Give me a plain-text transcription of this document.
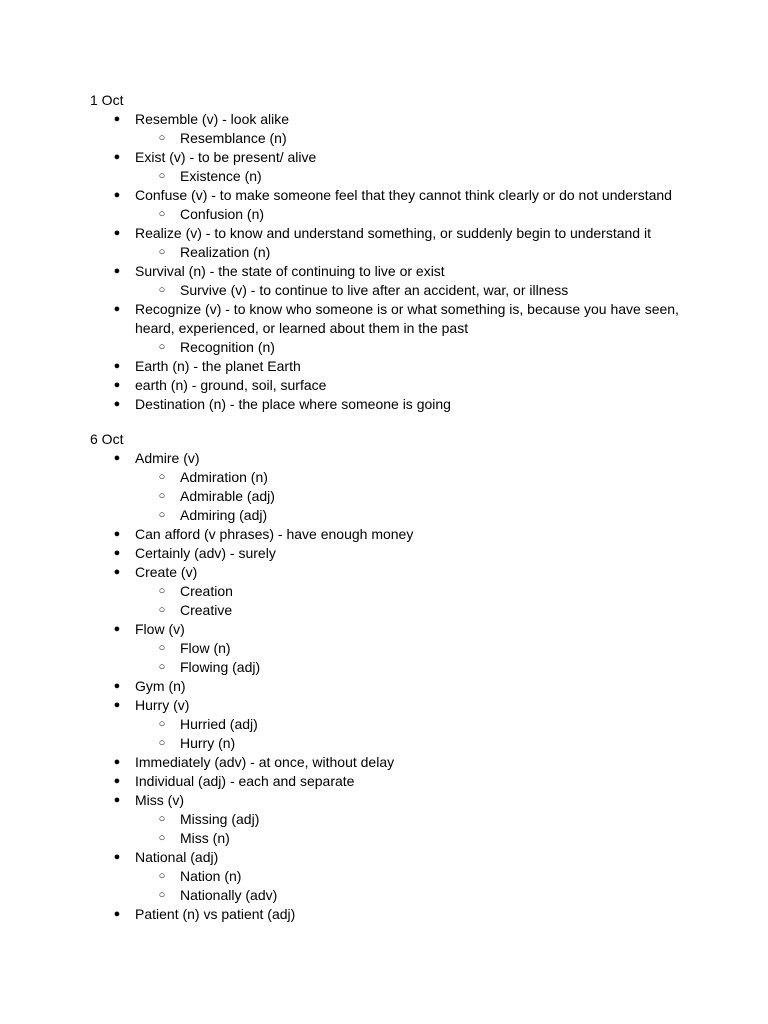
1 Oct
● Resemble (v) - look alike
○ Resemblance (n)
● Exist (v) - to be present/ alive
○ Existence (n)
● Confuse (v) - to make someone feel that they cannot think clearly or do not understand
○ Confusion (n)
● Realize (v) - to know and understand something, or suddenly begin to understand it
○ Realization (n)
● Survival (n) - the state of continuing to live or exist
○ Survive (v) - to continue to live after an accident, war, or illness
● Recognize (v) - to know who someone is or what something is, because you have seen, heard, experienced, or learned about them in the past
○ Recognition (n)
● Earth (n) - the planet Earth
● earth (n) - ground, soil, surface
● Destination (n) - the place where someone is going
6 Oct
● Admire (v)
○ Admiration (n)
○ Admirable (adj)
○ Admiring (adj)
● Can afford (v phrases) - have enough money
● Certainly (adv) - surely
● Create (v)
○ Creation
○ Creative
● Flow (v)
○ Flow (n)
○ Flowing (adj)
● Gym (n)
● Hurry (v)
○ Hurried (adj)
○ Hurry (n)
● Immediately (adv) - at once, without delay
● Individual (adj) - each and separate
● Miss (v)
○ Missing (adj)
○ Miss (n)
● National (adj)
○ Nation (n)
○ Nationally (adv)
● Patient (n) vs patient (adj)
